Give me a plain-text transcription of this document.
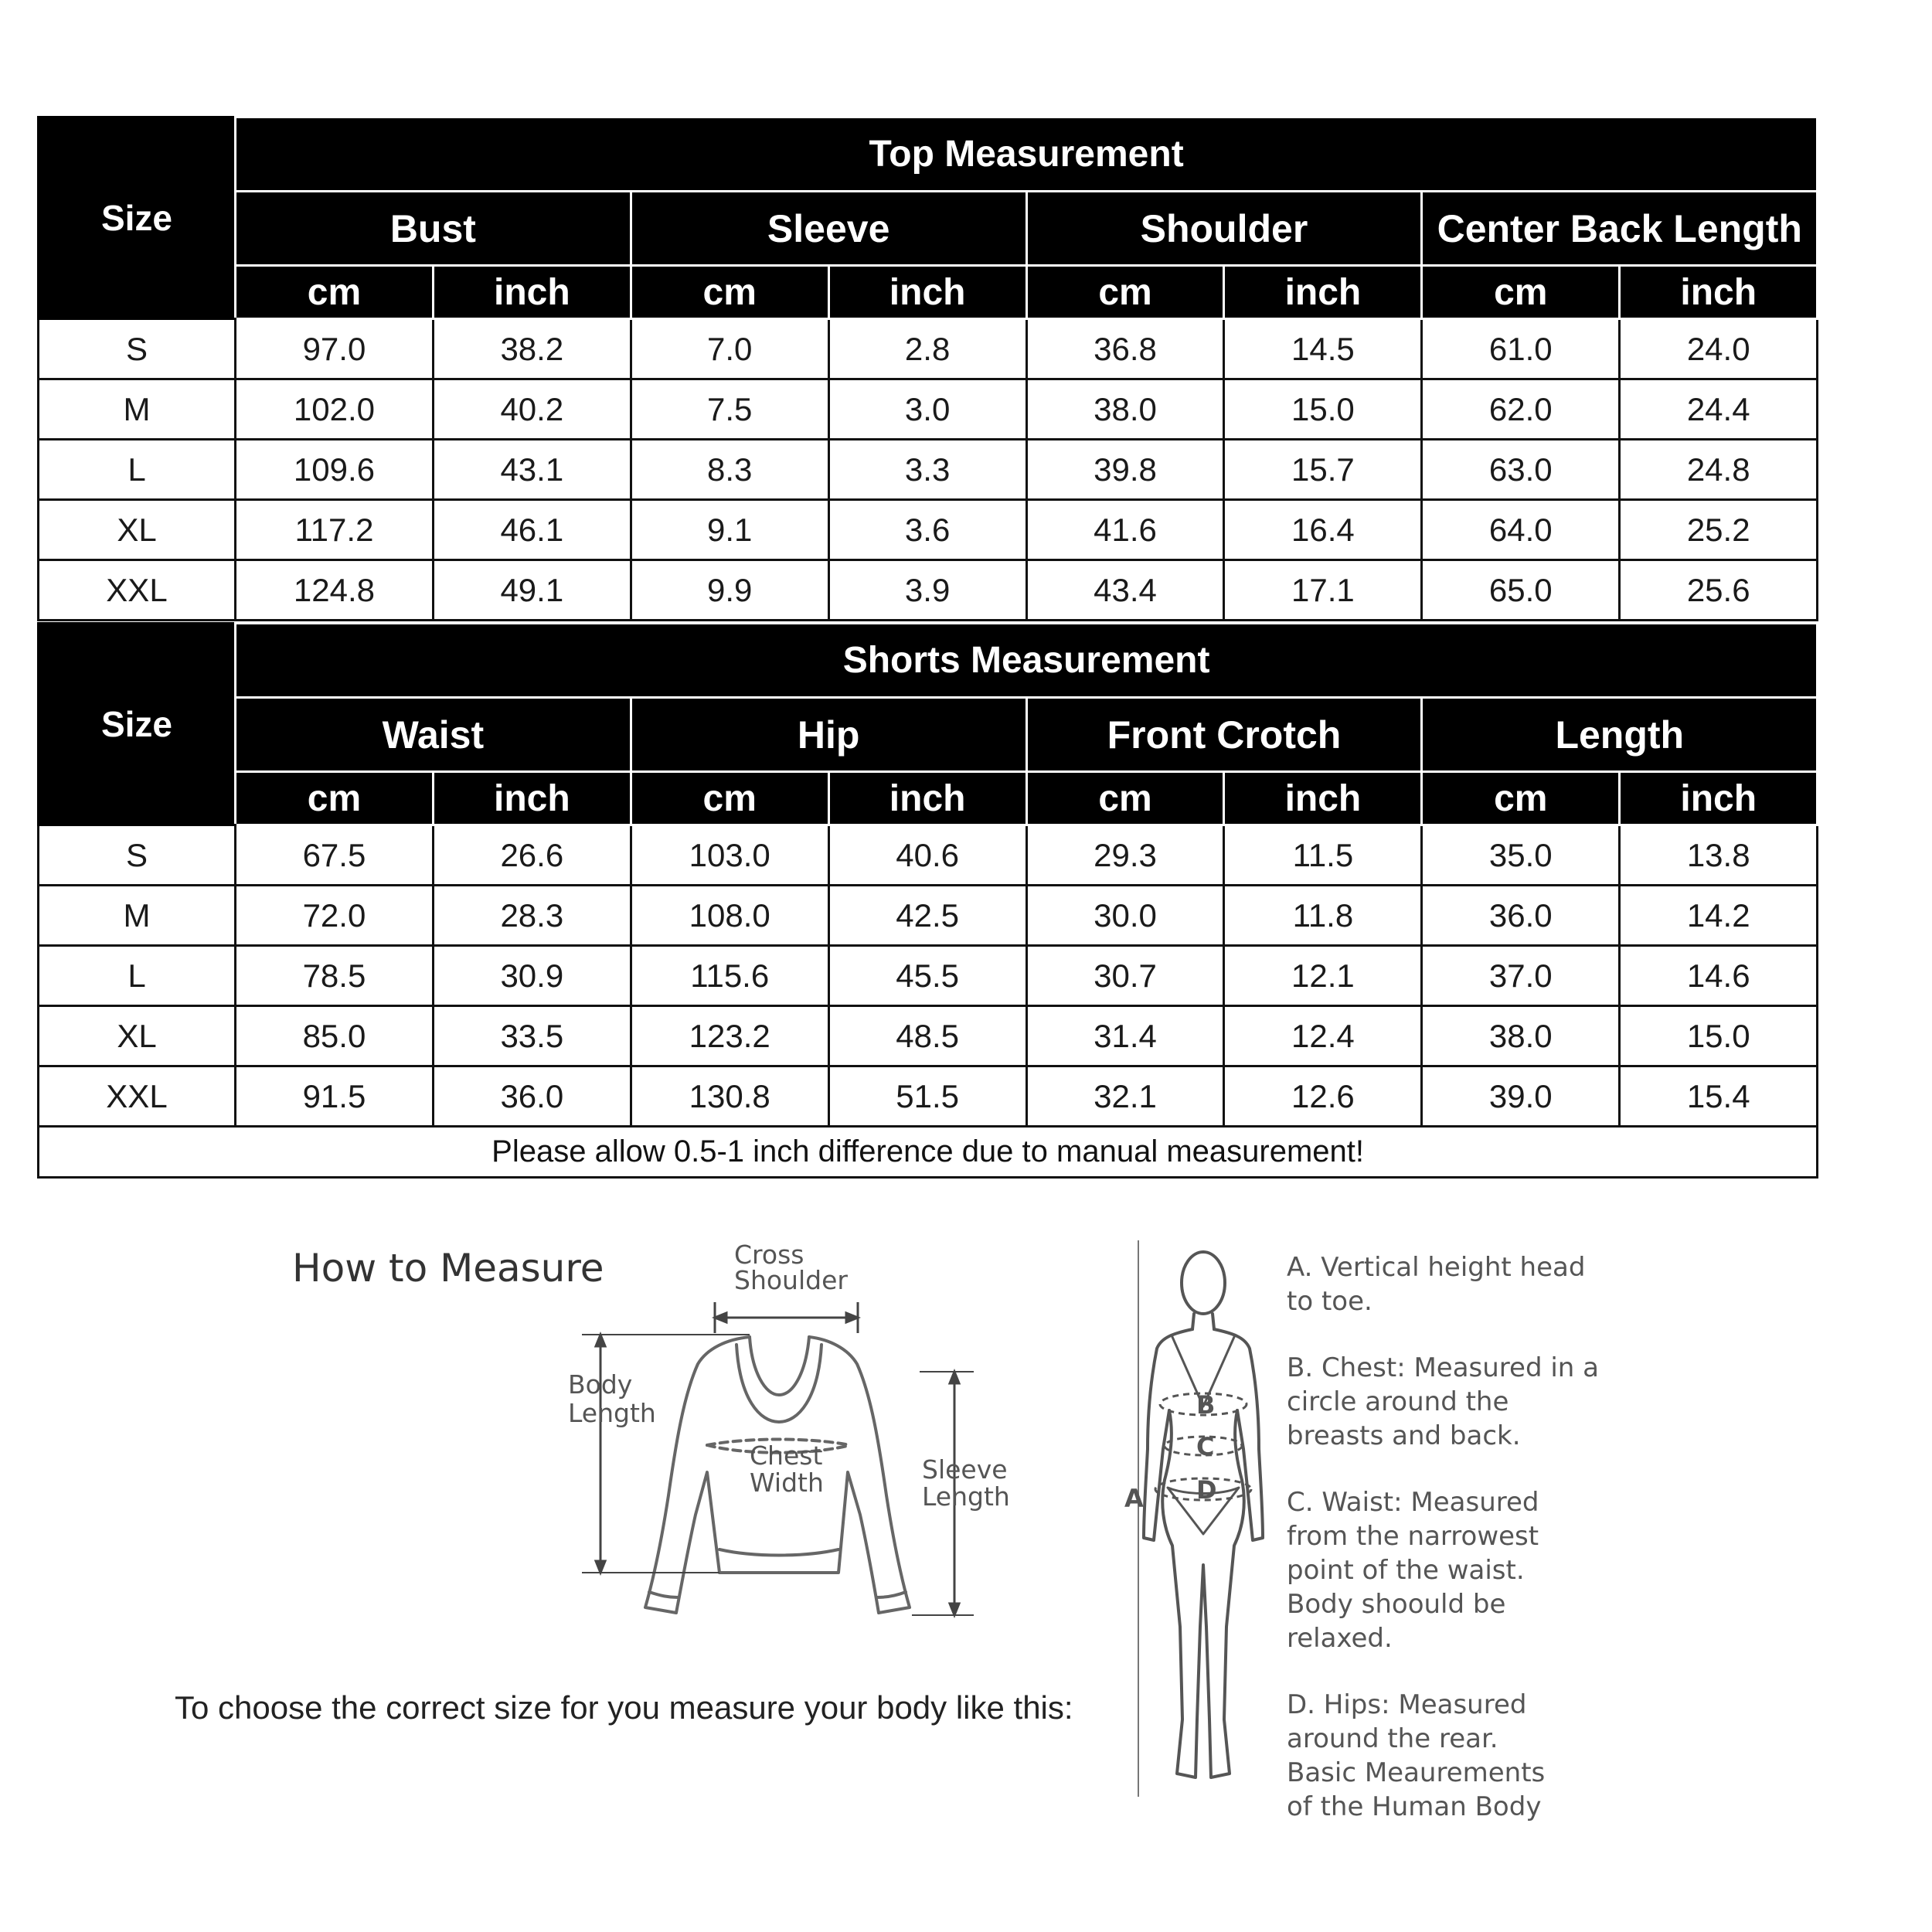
Size	Top Measurement							
	Bust		Sleeve		Shoulder		Center Back Length	
	cm	inch	cm	inch	cm	inch	cm	inch
S	97.0	38.2	7.0	2.8	36.8	14.5	61.0	24.0
M	102.0	40.2	7.5	3.0	38.0	15.0	62.0	24.4
L	109.6	43.1	8.3	3.3	39.8	15.7	63.0	24.8
XL	117.2	46.1	9.1	3.6	41.6	16.4	64.0	25.2
XXL	124.8	49.1	9.9	3.9	43.4	17.1	65.0	25.6
Size	Shorts Measurement							
	Waist		Hip		Front Crotch		Length	
	cm	inch	cm	inch	cm	inch	cm	inch
S	67.5	26.6	103.0	40.6	29.3	11.5	35.0	13.8
M	72.0	28.3	108.0	42.5	30.0	11.8	36.0	14.2
L	78.5	30.9	115.6	45.5	30.7	12.1	37.0	14.6
XL	85.0	33.5	123.2	48.5	31.4	12.4	38.0	15.0
XXL	91.5	36.0	130.8	51.5	32.1	12.6	39.0	15.4
Please allow 0.5-1 inch difference due to manual measurement!								
How to Measure	Cross
Shoulder
Body
Length
Chest
Width	Sleeve
Length
To choose the correct size for you measure your body like this:
B
C
D
A
A. Vertical height head
to toe.
B. Chest: Measured in a
circle around the
breasts and back.
C. Waist: Measured
from the narrowest
point of the waist.
Body shoould be
relaxed.
D. Hips: Measured
around the rear.
Basic Meaurements
of the Human Body
